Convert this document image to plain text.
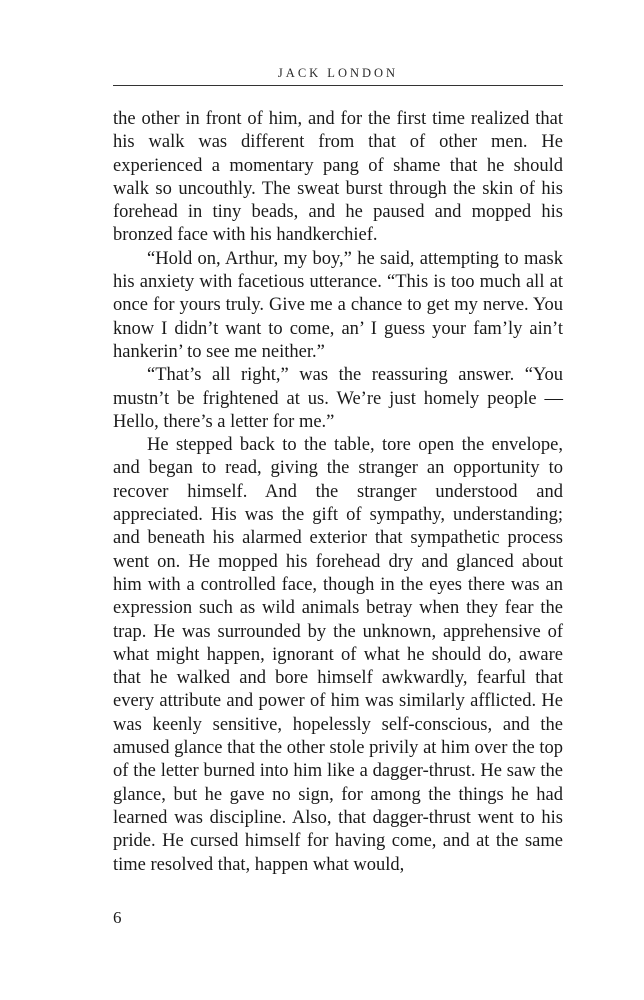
JACK LONDON

the other in front of him, and for the first time realized that his walk was different from that of other men. He experienced a momentary pang of shame that he should walk so uncouthly. The sweat burst through the skin of his forehead in tiny beads, and he paused and mopped his bronzed face with his handkerchief.

“Hold on, Arthur, my boy,” he said, attempting to mask his anxiety with facetious utterance. “This is too much all at once for yours truly. Give me a chance to get my nerve. You know I didn’t want to come, an’ I guess your fam’ly ain’t hankerin’ to see me neither.”

“That’s all right,” was the reassuring answer. “You mustn’t be frightened at us. We’re just homely people — Hello, there’s a letter for me.”

He stepped back to the table, tore open the envelope, and began to read, giving the stranger an opportunity to recover himself. And the stranger understood and appreciated. His was the gift of sympathy, understanding; and beneath his alarmed exterior that sympathetic process went on. He mopped his forehead dry and glanced about him with a controlled face, though in the eyes there was an expression such as wild animals betray when they fear the trap. He was surrounded by the unknown, apprehensive of what might happen, ignorant of what he should do, aware that he walked and bore himself awkwardly, fearful that every attribute and power of him was similarly afflicted. He was keenly sensitive, hopelessly self-conscious, and the amused glance that the other stole privily at him over the top of the letter burned into him like a dagger-thrust. He saw the glance, but he gave no sign, for among the things he had learned was discipline. Also, that dagger-thrust went to his pride. He cursed himself for having come, and at the same time resolved that, happen what would,

6
